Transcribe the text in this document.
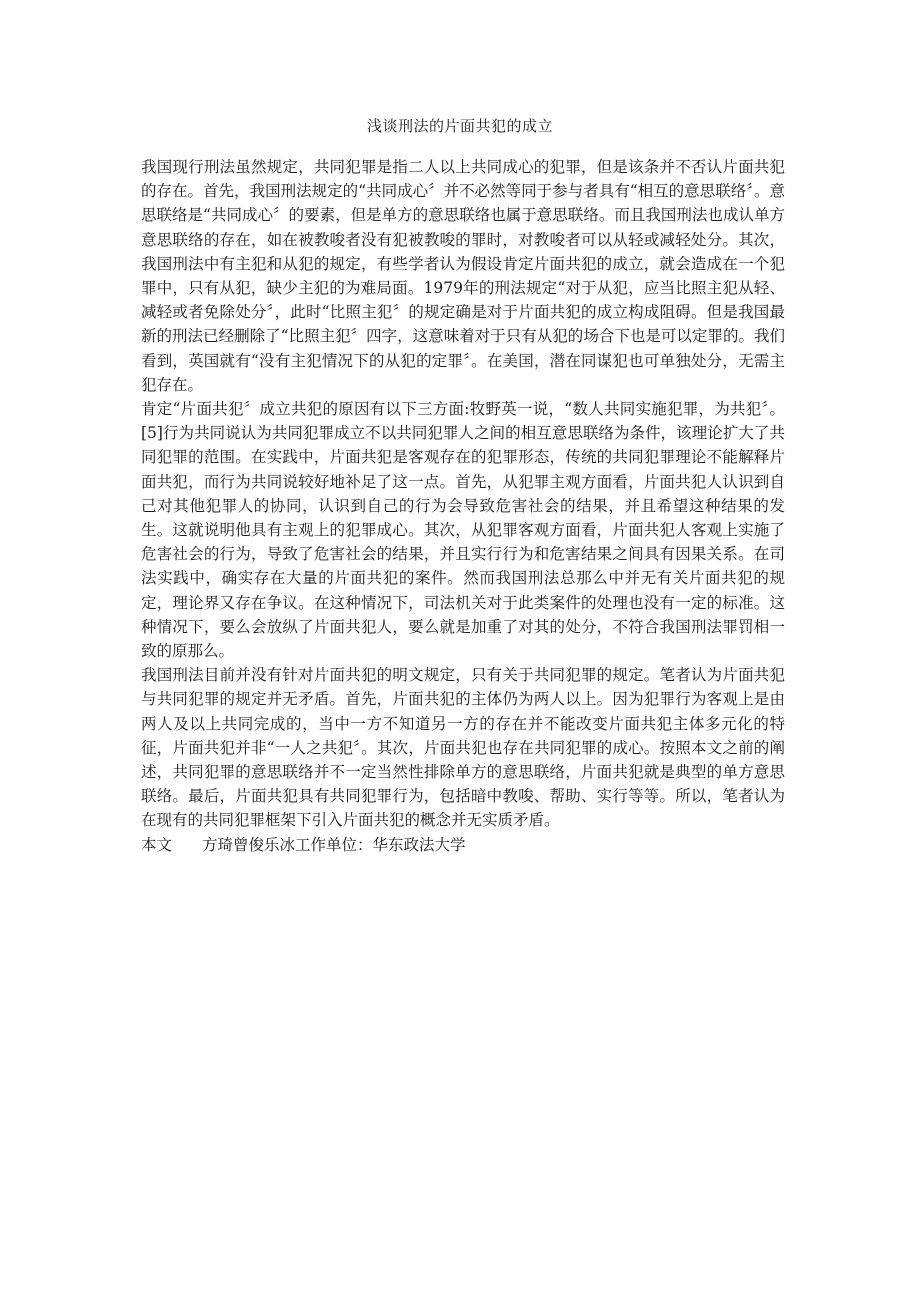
浅谈刑法的片面共犯的成立

我国现行刑法虽然规定，共同犯罪是指二人以上共同成心的犯罪，但是该条并不否认片面共犯的存在。首先，我国刑法规定的“共同成心〞并不必然等同于参与者具有“相互的意思联络〞。意思联络是“共同成心〞的要素，但是单方的意思联络也属于意思联络。而且我国刑法也成认单方意思联络的存在，如在被教唆者没有犯被教唆的罪时，对教唆者可以从轻或减轻处分。其次，我国刑法中有主犯和从犯的规定，有些学者认为假设肯定片面共犯的成立，就会造成在一个犯罪中，只有从犯，缺少主犯的为难局面。1979年的刑法规定“对于从犯，应当比照主犯从轻、减轻或者免除处分〞，此时“比照主犯〞的规定确是对于片面共犯的成立构成阻碍。但是我国最新的刑法已经删除了“比照主犯〞四字，这意味着对于只有从犯的场合下也是可以定罪的。我们看到，英国就有“没有主犯情况下的从犯的定罪〞。在美国，潜在同谋犯也可单独处分，无需主犯存在。

肯定“片面共犯〞成立共犯的原因有以下三方面:牧野英一说，“数人共同实施犯罪，为共犯〞。[5]行为共同说认为共同犯罪成立不以共同犯罪人之间的相互意思联络为条件，该理论扩大了共同犯罪的范围。在实践中，片面共犯是客观存在的犯罪形态，传统的共同犯罪理论不能解释片面共犯，而行为共同说较好地补足了这一点。首先，从犯罪主观方面看，片面共犯人认识到自己对其他犯罪人的协同，认识到自己的行为会导致危害社会的结果，并且希望这种结果的发生。这就说明他具有主观上的犯罪成心。其次，从犯罪客观方面看，片面共犯人客观上实施了危害社会的行为，导致了危害社会的结果，并且实行行为和危害结果之间具有因果关系。在司法实践中，确实存在大量的片面共犯的案件。然而我国刑法总那么中并无有关片面共犯的规定，理论界又存在争议。在这种情况下，司法机关对于此类案件的处理也没有一定的标准。这种情况下，要么会放纵了片面共犯人，要么就是加重了对其的处分，不符合我国刑法罪罚相一致的原那么。

我国刑法目前并没有针对片面共犯的明文规定，只有关于共同犯罪的规定。笔者认为片面共犯与共同犯罪的规定并无矛盾。首先，片面共犯的主体仍为两人以上。因为犯罪行为客观上是由两人及以上共同完成的，当中一方不知道另一方的存在并不能改变片面共犯主体多元化的特征，片面共犯并非“一人之共犯〞。其次，片面共犯也存在共同犯罪的成心。按照本文之前的阐述，共同犯罪的意思联络并不一定当然性排除单方的意思联络，片面共犯就是典型的单方意思联络。最后，片面共犯具有共同犯罪行为，包括暗中教唆、帮助、实行等等。所以，笔者认为在现有的共同犯罪框架下引入片面共犯的概念并无实质矛盾。

本文 方琦曾俊乐冰工作单位：华东政法大学
